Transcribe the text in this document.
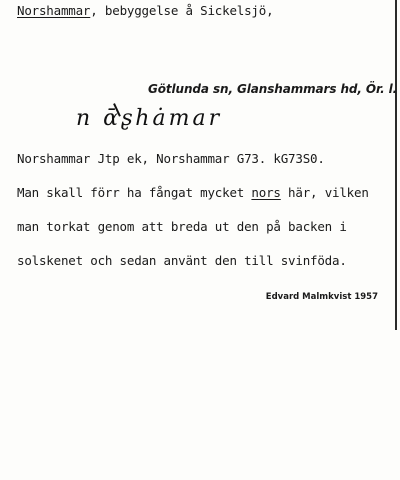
Norshammar, bebyggelse å Sickelsjö,
Götlunda sn, Glanshammars hd, Ör. l.
n ɑ̄ʂhȧmar
Norshammar Jtp ek, Norshammar G73. kG73S0.
Man skall förr ha fångat mycket nors här, vilken
man torkat genom att breda ut den på backen i
solskenet och sedan använt den till svinföda.
Edvard Malmkvist 1957
